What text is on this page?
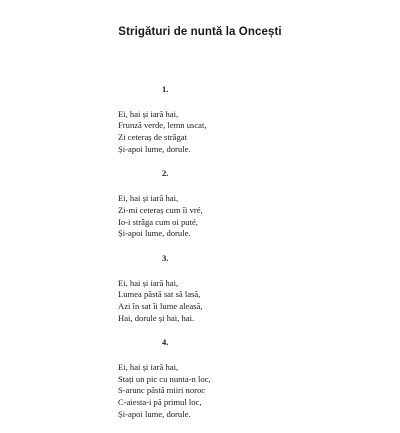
Strigături de nuntă la Oncești
1.
Ei, hai și iară hai,
Frunză verde, lemn uscat,
Zi ceteraș de strâgat
Și-apoi lume, dorule.
2.
Ei, hai și iară hai,
Zi-mi ceteraș cum îi vré,
Io-i strâga cum oi puté,
Și-apoi lume, dorule.
3.
Ei, hai și iară hai,
Lumea păstă sat să lasă,
Azi în sat îi lume aleasă,
Hai, dorule și hai, hai.
4.
Ei, hai și iară hai,
Stați un pic cu nunta-n loc,
S-arunc păstă miiri noroc
C-aiesta-i pă primul loc,
Și-apoi lume, dorule.
